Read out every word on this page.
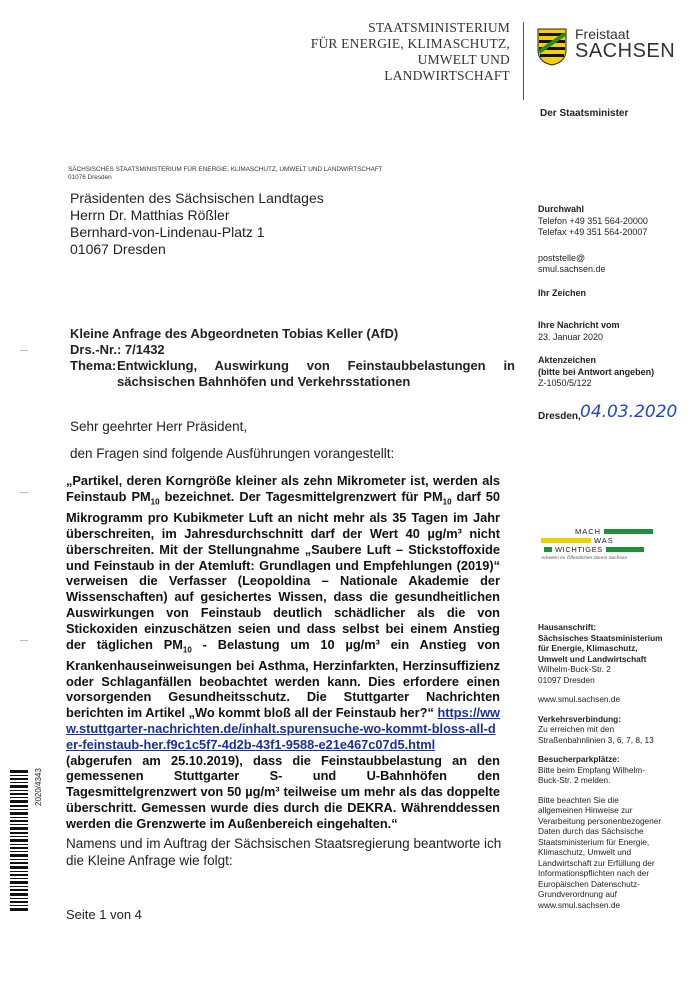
STAATSMINISTERIUM
FÜR ENERGIE, KLIMASCHUTZ,
UMWELT UND LANDWIRTSCHAFT
Freistaat
SACHSEN
Der Staatsminister
SÄCHSISCHES STAATSMINISTERIUM FÜR ENERGIE, KLIMASCHUTZ, UMWELT UND LANDWIRTSCHAFT
01076 Dresden
Präsidenten des Sächsischen Landtages
Herrn Dr. Matthias Rößler
Bernhard-von-Lindenau-Platz 1
01067 Dresden
Durchwahl
Telefon +49 351 564-20000
Telefax +49 351 564-20007
poststelle@
smul.sachsen.de
Ihr Zeichen
Ihre Nachricht vom
23. Januar 2020
Aktenzeichen
(bitte bei Antwort angeben)
Z-1050/5/122
Dresden, 04.03.2020
Kleine Anfrage des Abgeordneten Tobias Keller (AfD)
Drs.-Nr.: 7/1432
Thema: Entwicklung, Auswirkung von Feinstaubbelastungen in sächsischen Bahnhöfen und Verkehrsstationen
Sehr geehrter Herr Präsident,
den Fragen sind folgende Ausführungen vorangestellt:
„Partikel, deren Korngröße kleiner als zehn Mikrometer ist, werden als Feinstaub $PM_{10}$ bezeichnet. Der Tagesmittelgrenzwert für $PM_{10}$ darf 50 Mikrogramm pro Kubikmeter Luft an nicht mehr als 35 Tagen im Jahr überschreiten, im Jahresdurchschnitt darf der Wert 40 µg/m³ nicht überschreiten. Mit der Stellungnahme „Saubere Luft – Stickstoffoxide und Feinstaub in der Atemluft: Grundlagen und Empfehlungen (2019)“ verweisen die Verfasser (Leopoldina – Nationale Akademie der Wissenschaften) auf gesichertes Wissen, dass die gesundheitlichen Auswirkungen von Feinstaub deutlich schädlicher als die von Stickoxiden einzuschätzen seien und dass selbst bei einem Anstieg der täglichen $PM_{10}$ - Belastung um 10 µg/m³ ein Anstieg von Krankenhauseinweisungen bei Asthma, Herzinfarkten, Herzinsuffizienz oder Schlaganfällen beobachtet werden kann. Dies erfordere einen vorsorgenden Gesundheitsschutz. Die Stuttgarter Nachrichten berichten im Artikel „Wo kommt bloß all der Feinstaub her?“ https://www.stuttgarter-nachrichten.de/inhalt.spurensuche-wo-kommt-bloss-all-der-feinstaub-her.f9c1c5f7-4d2b-43f1-9588-e21e467c07d5.html (abgerufen am 25.10.2019), dass die Feinstaubbelastung an den gemessenen Stuttgarter S- und U-Bahnhöfen den Tagesmittelgrenzwert von 50 µg/m³ teilweise um mehr als das doppelte überschritt. Gemessen wurde dies durch die DEKRA. Währenddessen werden die Grenzwerte im Außenbereich eingehalten.“
Namens und im Auftrag der Sächsischen Staatsregierung beantworte ich die Kleine Anfrage wie folgt:
Seite 1 von 4
MACH
WAS
WICHTIGES
Arbeiten im Öffentlichen Dienst Sachsen
Hausanschrift:
Sächsisches Staatsministerium
für Energie, Klimaschutz,
Umwelt und Landwirtschaft
Wilhelm-Buck-Str. 2
01097 Dresden
www.smul.sachsen.de
Verkehrsverbindung:
Zu erreichen mit den
Straßenbahnlinien 3, 6, 7, 8, 13
Besucherparkplätze:
Bitte beim Empfang Wilhelm-
Buck-Str. 2 melden.
Bitte beachten Sie die
allgemeinen Hinweise zur
Verarbeitung personenbezogener
Daten durch das Sächsische
Staatsministerium für Energie,
Klimaschutz, Umwelt und
Landwirtschaft zur Erfüllung der
Informationspflichten nach der
Europäischen Datenschutz-
Grundverordnung auf
www.smul.sachsen.de
2020/4343
